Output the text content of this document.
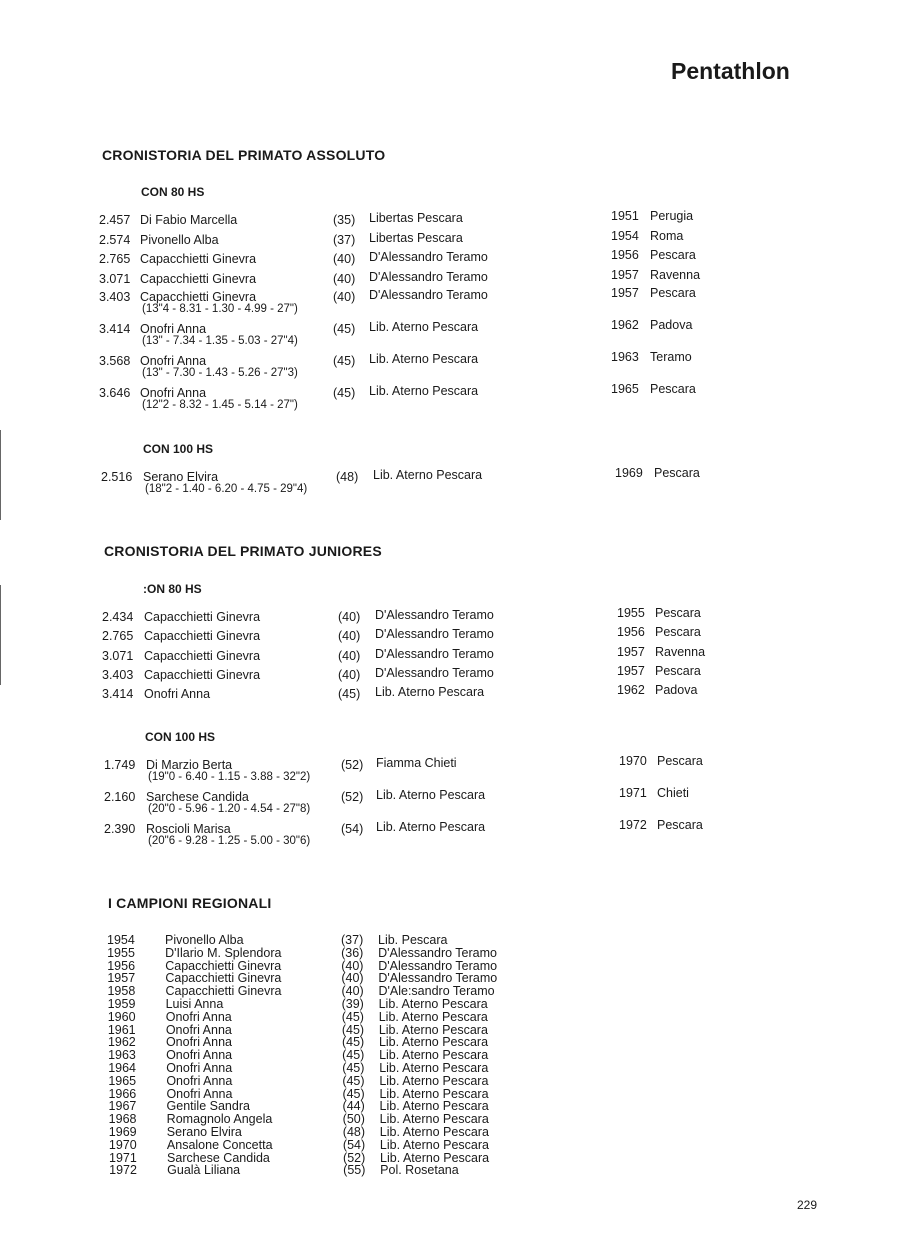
Pentathlon
CRONISTORIA DEL PRIMATO ASSOLUTO
CON 80 HS
2.457 Di Fabio Marcella	(35) Libertas Pescara	1951 Perugia
2.574 Pivonello Alba	(37) Libertas Pescara	1954 Roma
2.765 Capacchietti Ginevra	(40) D'Alessandro Teramo	1956 Pescara
3.071 Capacchietti Ginevra	(40) D'Alessandro Teramo	1957 Ravenna
3.403 Capacchietti Ginevra	(40) D'Alessandro Teramo	1957 Pescara
(13"4 - 8.31 - 1.30 - 4.99 - 27")
3.414 Onofri Anna	(45) Lib. Aterno Pescara	1962 Padova
(13" - 7.34 - 1.35 - 5.03 - 27"4)
3.568 Onofri Anna	(45) Lib. Aterno Pescara	1963 Teramo
(13" - 7.30 - 1.43 - 5.26 - 27"3)
3.646 Onofri Anna	(45) Lib. Aterno Pescara	1965 Pescara
(12"2 - 8.32 - 1.45 - 5.14 - 27")
CON 100 HS
2.516 Serano Elvira	(48) Lib. Aterno Pescara	1969 Pescara
(18"2 - 1.40 - 6.20 - 4.75 - 29"4)
CRONISTORIA DEL PRIMATO JUNIORES
:ON 80 HS
2.434 Capacchietti Ginevra	(40) D'Alessandro Teramo	1955 Pescara
2.765 Capacchietti Ginevra	(40) D'Alessandro Teramo	1956 Pescara
3.071 Capacchietti Ginevra	(40) D'Alessandro Teramo	1957 Ravenna
3.403 Capacchietti Ginevra	(40) D'Alessandro Teramo	1957 Pescara
3.414 Onofri Anna	(45) Lib. Aterno Pescara	1962 Padova
CON 100 HS
1.749 Di Marzio Berta	(52) Fiamma Chieti	1970 Pescara
(19"0 - 6.40 - 1.15 - 3.88 - 32"2)
2.160 Sarchese Candida	(52) Lib. Aterno Pescara	1971 Chieti
(20"0 - 5.96 - 1.20 - 4.54 - 27"8)
2.390 Roscioli Marisa	(54) Lib. Aterno Pescara	1972 Pescara
(20"6 - 9.28 - 1.25 - 5.00 - 30"6)
I CAMPIONI REGIONALI
1954 Pivonello Alba	(37) Lib. Pescara
1955 D'Ilario M. Splendora	(36) D'Alessandro Teramo
1956 Capacchietti Ginevra	(40) D'Alessandro Teramo
1957 Capacchietti Ginevra	(40) D'Alessandro Teramo
1958 Capacchietti Ginevra	(40) D'Ale:sandro Teramo
1959 Luisi Anna	(39) Lib. Aterno Pescara
1960 Onofri Anna	(45) Lib. Aterno Pescara
1961 Onofri Anna	(45) Lib. Aterno Pescara
1962 Onofri Anna	(45) Lib. Aterno Pescara
1963 Onofri Anna	(45) Lib. Aterno Pescara
1964 Onofri Anna	(45) Lib. Aterno Pescara
1965 Onofri Anna	(45) Lib. Aterno Pescara
1966 Onofri Anna	(45) Lib. Aterno Pescara
1967 Gentile Sandra	(44) Lib. Aterno Pescara
1968 Romagnolo Angela	(50) Lib. Aterno Pescara
1969 Serano Elvira	(48) Lib. Aterno Pescara
1970 Ansalone Concetta	(54) Lib. Aterno Pescara
1971 Sarchese Candida	(52) Lib. Aterno Pescara
1972 Gualà Liliana	(55) Pol. Rosetana
229
